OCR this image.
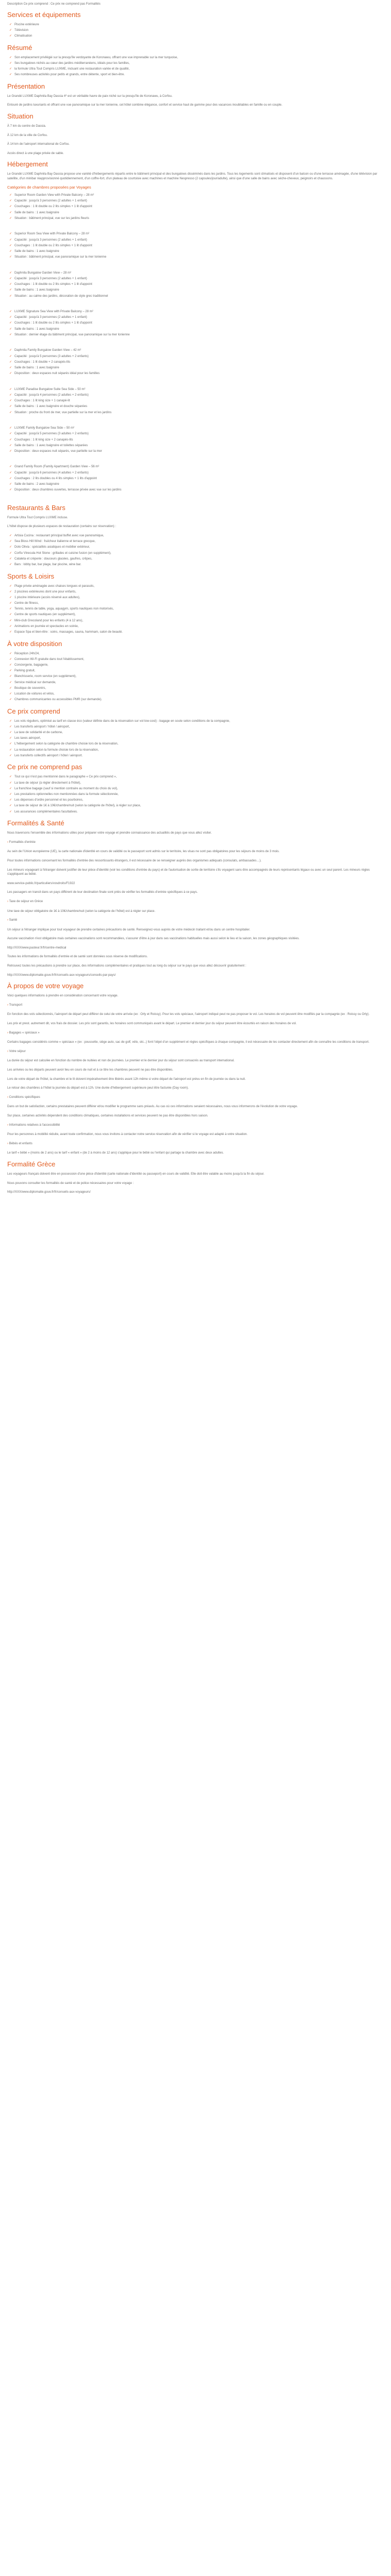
Description Ce prix comprend : Ce prix ne comprend pas Formalités

Services et équipements
✓ Piscine extérieure
✓ Télévision
✓ Climatisation
Résumé
✓ Son emplacement privilégié sur la presqu'île verdoyante de Koronawu, offrant une vue imprenable sur la mer turquoise,
✓ Ses bungalows nichés au cœur des jardins méditerranéens, idéals pour les familles,
✓ la formule Ultra Tout Compris LUXME, incluant une restauration variée et de qualité,
✓ Ses nombreuses activités pour petits et grands, entre détente, sport et bien-être.
Présentation

Le Grandé LUXME Daphnila Bay Dassia 4* est un véritable havre de paix niché sur la presqu'île de Koronawu, à Corfou.

Entouré de jardins luxuriants et offrant une vue panoramique sur la mer Ionienne, cet hôtel combine élégance, confort et service haut de gamme pour des vacances inoubliables en famille ou en couple.

Situation

À 7 km du centre de Dassia.

À 12 km de la ville de Corfou.

À 14 km de l'aéroport international de Corfou.

Accès direct à une plage privée de sable.

Hébergement

Le Grandé LUXME Daphnila Bay Dassia propose une variété d'hébergements répartis entre le bâtiment principal et des bungalows disséminés dans les jardins. Tous les logements sont climatisés et disposent d'un balcon ou d'une terrasse aménagée, d'une télévision par satellite, d'un minibar réapprovisionné quotidiennement, d'un coffre-fort, d'un plateau de courtoisie avec machines et machine Nespresso (2 capsules/jour/adulte), ainsi que d'une salle de bains avec sèche-cheveux, peignoirs et chaussons.

Catégories de chambres proposées par Voyages
✓ Superior Room Garden View with Private Balcony – 28 m²
✓ Capacité : jusqu'à 3 personnes (2 adultes + 1 enfant)
✓ Couchages : 1 lit double ou 2 lits simples + 1 lit d'appoint
✓ Salle de bains : 1 avec baignoire
✓ Situation : bâtiment principal, vue sur les jardins fleuris
✓ Superior Room Sea View with Private Balcony – 28 m²
✓ Capacité : jusqu'à 3 personnes (2 adultes + 1 enfant)
✓ Couchages : 1 lit double ou 2 lits simples + 1 lit d'appoint
✓ Salle de bains : 1 avec baignoire
✓ Situation : bâtiment principal, vue panoramique sur la mer Ionienne
✓ Daphnila Bungalow Garden View – 28 m²
✓ Capacité : jusqu'à 3 personnes (2 adultes + 1 enfant)
✓ Couchages : 1 lit double ou 2 lits simples + 1 lit d'appoint
✓ Salle de bains : 1 avec baignoire
✓ Situation : au calme des jardins, décoration de style grec traditionnel
✓ LUXME Signature Sea View with Private Balcony – 28 m²
✓ Capacité : jusqu'à 3 personnes (2 adultes + 1 enfant)
✓ Couchages : 1 lit double ou 2 lits simples + 1 lit d'appoint
✓ Salle de bains : 1 avec baignoire
✓ Situation : dernier étage du bâtiment principal, vue panoramique sur la mer Ionienne
✓ Daphnila Family Bungalow Garden View – 42 m²
✓ Capacité : jusqu'à 5 personnes (3 adultes + 2 enfants)
✓ Couchages : 1 lit double + 2 canapés-lits
✓ Salle de bains : 1 avec baignoire
✓ Disposition : deux espaces nuit séparés idéal pour les familles
✓ LUXME Paradise Bungalow Suite Sea Side – 50 m²
✓ Capacité : jusqu'à 4 personnes (2 adultes + 2 enfants)
✓ Couchages : 1 lit king size + 1 canapé-lit
✓ Salle de bains : 1 avec baignoire et douche séparées
✓ Situation : proche du front de mer, vue partielle sur la mer et les jardins
✓ LUXME Family Bungalow Sea Side – 50 m²
✓ Capacité : jusqu'à 5 personnes (3 adultes + 2 enfants)
✓ Couchages : 1 lit king size + 2 canapés-lits
✓ Salle de bains : 1 avec baignoire et toilettes séparées
✓ Disposition : deux espaces nuit séparés, vue partielle sur la mer
✓ Grand Family Room (Family Apartment) Garden View – 56 m²
✓ Capacité : jusqu'à 6 personnes (4 adultes + 2 enfants)
✓ Couchages : 2 lits doubles ou 4 lits simples + 1 lits d'appoint
✓ Salle de bains : 2 avec baignoire
✓ Disposition : deux chambres ouvertes, terrasse privée avec vue sur les jardins
Restaurants & Bars

Formule Ultra Tout Compris LUXME incluse.

L'hôtel dispose de plusieurs espaces de restauration (certains sur réservation) :

✓ Artisia Cucina : restaurant principal buffet avec vue panoramique,
✓ Sea Bloss Hill Wind : fraîcheur italienne et terrace grecque,
✓ Dolo Olivia : spécialités asiatiques et mobilier extérieur,
✓ Corfiu Vinecula Hot Stone : grillades et cuisine fusion (en supplément),
✓ Cataleta et créperie : douceurs glacées, gaufres, crêpes,
✓ Bars : lobby bar, bar plage, bar piscine, wine bar.
Sports & Loisirs
✓ Plage privée aménagée avec chaises longues et parasols,
✓ 2 piscines extérieures dont une pour enfants,
✓ 1 piscine intérieure (accès réservé aux adultes),
✓ Centre de fitness,
✓ Tennis, tennis de table, yoga, aquagym, sports nautiques non motorisés,
✓ Centre de sports nautiques (en supplément),
✓ Mini-club Grecoland pour les enfants (4 à 12 ans),
✓ Animations en journée et spectacles en soirée,
✓ Espace Spa et bien-être : soins, massages, sauna, hammam, salon de beauté.
À votre disposition
✓ Réception 24h/24,
✓ Connexion Wi-Fi gratuite dans tout l'établissement,
✓ Conciergerie, bagagerie,
✓ Parking gratuit,
✓ Blanchisserie, room service (en supplément),
✓ Service médical sur demande,
✓ Boutique de souvenirs,
✓ Location de voitures et vélos,
✓ Chambres communicantes ou accessibles PMR (sur demande).
Ce prix comprend
✓ Les vols réguliers, optimisé au tarif en classe éco (valeur définie dans de la réservation sur vol low-cost) - bagage en soute selon conditions de la compagnie,
✓ Les transferts aéroport / hôtel / aéroport,
✓ La taxe de solidarité et de carbone,
✓ Les taxes aéroport,
✓ L'hébergement selon la catégorie de chambre choisie lors de la réservation,
✓ La restauration selon la formule choisie lors de la réservation,
✓ Les transferts collectifs aéroport / hôtel / aéroport.
Ce prix ne comprend pas
✓ Tout ce qui n'est pas mentionné dans le paragraphe « Ce prix comprend »,
✓ La taxe de séjour (à régler directement à l'hôtel),
✓ La franchise bagage (sauf si mention contraire au moment du choix du vol),
✓ Les prestations optionnelles non mentionnées dans la formule sélectionnée,
✓ Les dépenses d'ordre personnel et les pourboires,
✓ La taxe de séjour de 1€ à 10€/chambre/nuit (selon la catégorie de l'hôtel), à régler sur place,
✓ Les assurances complémentaires facultatives.
Formalités & Santé

Nous traversons l'ensemble des informations utiles pour préparer votre voyage et prendre connaissance des actualités de pays que vous allez visiter.

› Formalités d'entrée

Au sein de l'Union européenne (UE), la carte nationale d'identité en cours de validité ou le passeport sont admis sur le territoire, les visas ne sont pas obligatoires pour les séjours de moins de 3 mois.

Pour toutes informations concernant les formalités d'entrée des ressortissants étrangers, il est nécessaire de se renseigner auprès des organismes adéquats (consulats, ambassades…).

Les mineurs voyageant à l'étranger doivent justifier de leur pièce d'identité (voir les conditions d'entrée du pays) et de l'autorisation de sortie de territoire s'ils voyagent sans être accompagnés de leurs représentants légaux ou avec un seul parent. Les mineurs règles s'appliquent au bébé.

www.service-public.fr/particuliers/vosdroits/F1922

Les passagers en transit dans un pays différent de leur destination finale sont priés de vérifier les formalités d'entrée spécifiques à ce pays.

› Taxe de séjour en Grèce

Une taxe de séjour obligatoire de 1€ à 10€/chambre/nuit (selon la catégorie de l'hôtel) est à régler sur place.

› Santé

Un séjour à l'étranger implique pour tout voyageur de prendre certaines précautions de santé. Renseignez-vous auprès de votre médecin traitant et/ou dans un centre hospitalier.

Aucune vaccination n'est obligatoire mais certaines vaccinations sont recommandées, s'assurer d'être à jour dans ses vaccinations habituelles mais aussi selon le lieu et la saison, les zones géographiques visitées.

http://XXX/www.pasteur.fr/fr/centre-medical

Toutes les informations de formalités d'entrée et de santé sont données sous réserve de modifications.

Retrouvez toutes les précautions à prendre sur place, des informations complémentaires et pratiques tout au long du séjour sur le pays que vous allez découvrir gratuitement :

http://XXX/www.diplomatie.gouv.fr/fr/conseils-aux-voyageurs/conseils-par-pays/

À propos de votre voyage

Voici quelques informations à prendre en considération concernant votre voyage.

› Transport

En fonction des vols sélectionnés, l'aéroport de départ peut différer de celui de votre arrivée (ex : Orly et Roissy). Pour les vols spéciaux, l'aéroport indiqué peut ne pas proposer le vol. Les horaires de vol peuvent être modifiés par la compagnie (ex : Roissy ou Orly).

Les prix et prest. autrement dit, vos frais de dossier. Les prix sont garantis, les horaires sont communiqués avant le départ. Le premier et dernier jour du séjour peuvent être écourtés en raison des horaires de vol.

› Bagages « spéciaux »

Certains bagages considérés comme « spéciaux » (ex : poussette, siège auto, sac de golf, vélo, ski...) font l'objet d'un supplément et règles spécifiques à chaque compagnie, il est nécessaire de les contacter directement afin de connaître les conditions de transport.

› Votre séjour

La durée du séjour est calculée en fonction du nombre de nuitées et non de journées. Le premier et le dernier jour du séjour sont consacrés au transport international.

Les arrivées ou les départs peuvent avoir lieu en cours de nuit et à ce titre les chambres peuvent ne pas être disponibles.

Lors de votre départ de l'hôtel, la chambre et le lit doivent impérativement être libérés avant 12h même si votre départ de l'aéroport est prévu en fin de journée ou dans la nuit.

Le retour des chambres à l'hôtel la journée du départ est à 12h. Une durée d'hébergement supérieure peut être facturée (Day room).

› Conditions spécifiques

Dans un but de satisfaction, certains prestataires peuvent différer et/ou modifier le programme sans préavis. Au cas où ces informations seraient nécessaires, nous vous informerons de l'évolution de votre voyage.

Sur place, certaines activités dépendent des conditions climatiques, certaines installations et services peuvent ne pas être disponibles hors saison.

› Informations relatives à l'accessibilité

Pour les personnes à mobilité réduite, avant toute confirmation, nous vous invitons à contacter notre service réservation afin de vérifier si le voyage est adapté à votre situation.

› Bébés et enfants

Le tarif « bébé » (moins de 2 ans) ou le tarif « enfant » (de 2 à moins de 12 ans) s'applique pour le bébé ou l'enfant qui partage la chambre avec deux adultes.

Formalité Grèce

Les voyageurs français doivent être en possession d'une pièce d'identité (carte nationale d'identité ou passeport) en cours de validité. Elle doit être valable au moins jusqu'à la fin du séjour.

Nous pouvons consulter les formalités de santé et de police nécessaires pour votre voyage :

http://XXX/www.diplomatie.gouv.fr/fr/conseils-aux-voyageurs/
